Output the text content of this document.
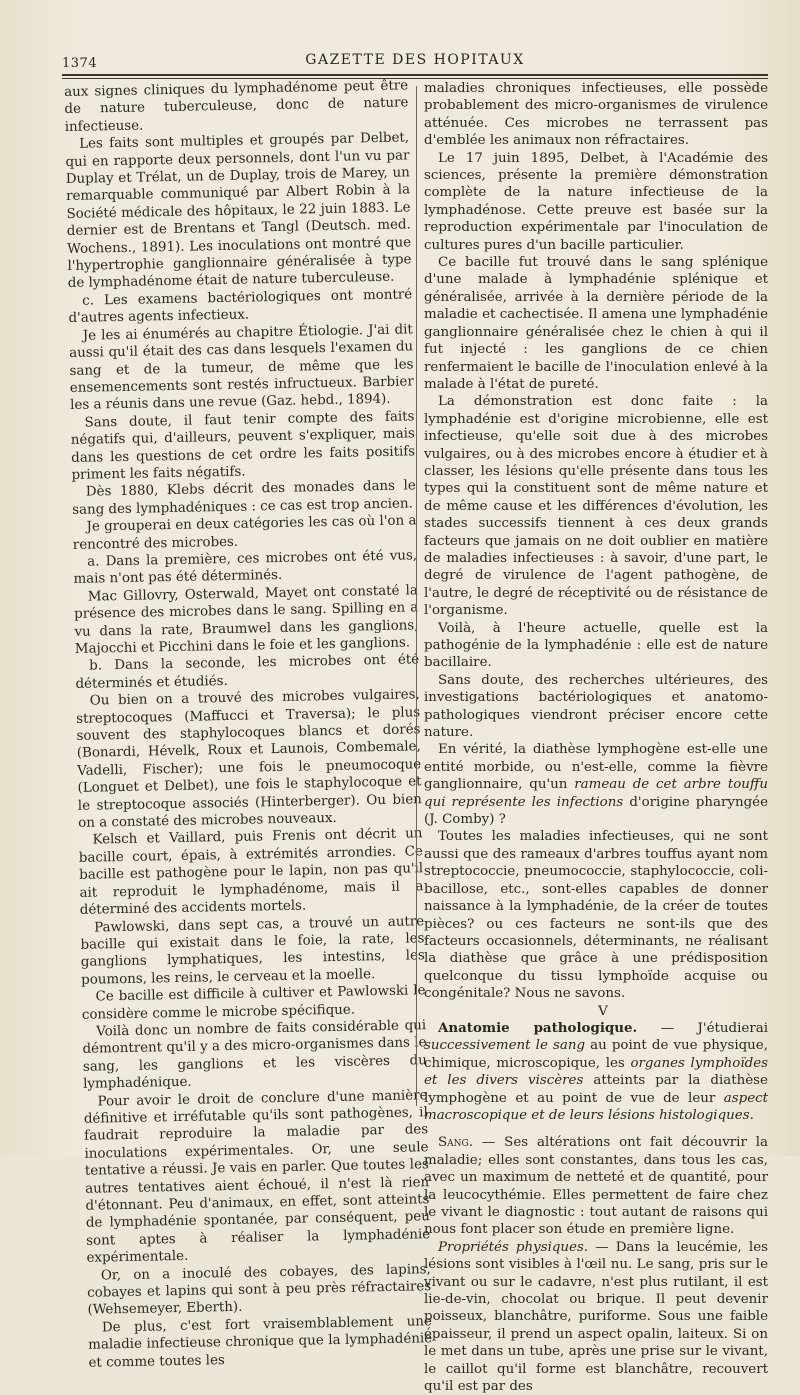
1374	GAZETTE DES HOPITAUX

aux signes cliniques du lymphadénome peut être de nature tuberculeuse, donc de nature infectieuse.

Les faits sont multiples et groupés par Delbet, qui en rapporte deux personnels, dont l'un vu par Duplay et Trélat, un de Duplay, trois de Marey, un remarquable communiqué par Albert Robin à la Société médicale des hôpitaux, le 22 juin 1883. Le dernier est de Brentans et Tangl (Deutsch. med. Wochens., 1891). Les inoculations ont montré que l'hypertrophie ganglionnaire généralisée à type de lymphadénome était de nature tuberculeuse.

c. Les examens bactériologiques ont montré d'autres agents infectieux.

Je les ai énumérés au chapitre Étiologie. J'ai dit aussi qu'il était des cas dans lesquels l'examen du sang et de la tumeur, de même que les ensemencements sont restés infructueux. Barbier les a réunis dans une revue (Gaz. hebd., 1894).

Sans doute, il faut tenir compte des faits négatifs qui, d'ailleurs, peuvent s'expliquer, mais dans les questions de cet ordre les faits positifs priment les faits négatifs.

Dès 1880, Klebs décrit des monades dans le sang des lymphadéniques : ce cas est trop ancien.

Je grouperai en deux catégories les cas où l'on a rencontré des microbes.

a. Dans la première, ces microbes ont été vus, mais n'ont pas été déterminés.

Mac Gillovry, Osterwald, Mayet ont constaté la présence des microbes dans le sang. Spilling en a vu dans la rate, Braumwel dans les ganglions, Majocchi et Picchini dans le foie et les ganglions.

b. Dans la seconde, les microbes ont été déterminés et étudiés.

Ou bien on a trouvé des microbes vulgaires, streptocoques (Maffucci et Traversa); le plus souvent des staphylocoques blancs et dorés (Bonardi, Hévelk, Roux et Launois, Combemale, Vadelli, Fischer); une fois le pneumocoque (Longuet et Delbet), une fois le staphylocoque et le streptocoque associés (Hinterberger). Ou bien on a constaté des microbes nouveaux.

Kelsch et Vaillard, puis Frenis ont décrit un bacille court, épais, à extrémités arrondies. Ce bacille est pathogène pour le lapin, non pas qu'il ait reproduit le lymphadénome, mais il a déterminé des accidents mortels.

Pawlowski, dans sept cas, a trouvé un autre bacille qui existait dans le foie, la rate, les ganglions lymphatiques, les intestins, les poumons, les reins, le cerveau et la moelle.

Ce bacille est difficile à cultiver et Pawlowski le considère comme le microbe spécifique.

Voilà donc un nombre de faits considérable qui démontrent qu'il y a des micro-organismes dans le sang, les ganglions et les viscères du lymphadénique.

Pour avoir le droit de conclure d'une manière définitive et irréfutable qu'ils sont pathogènes, il faudrait reproduire la maladie par des inoculations expérimentales. Or, une seule tentative a réussi. Je vais en parler. Que toutes les autres tentatives aient échoué, il n'est là rien d'étonnant. Peu d'animaux, en effet, sont atteints de lymphadénie spontanée, par conséquent, peu sont aptes à réaliser la lymphadénie expérimentale.

Or, on a inoculé des cobayes, des lapins, cobayes et lapins qui sont à peu près réfractaires (Wehsemeyer, Eberth).

De plus, c'est fort vraisemblablement une maladie infectieuse chronique que la lymphadénie et comme toutes les

maladies chroniques infectieuses, elle possède probablement des micro-organismes de virulence atténuée. Ces microbes ne terrassent pas d'emblée les animaux non réfractaires.

Le 17 juin 1895, Delbet, à l'Académie des sciences, présente la première démonstration complète de la nature infectieuse de la lymphadénose. Cette preuve est basée sur la reproduction expérimentale par l'inoculation de cultures pures d'un bacille particulier.

Ce bacille fut trouvé dans le sang splénique d'une malade à lymphadénie splénique et généralisée, arrivée à la dernière période de la maladie et cachectisée. Il amena une lymphadénie ganglionnaire généralisée chez le chien à qui il fut injecté : les ganglions de ce chien renfermaient le bacille de l'inoculation enlevé à la malade à l'état de pureté.

La démonstration est donc faite : la lymphadénie est d'origine microbienne, elle est infectieuse, qu'elle soit due à des microbes vulgaires, ou à des microbes encore à étudier et à classer, les lésions qu'elle présente dans tous les types qui la constituent sont de même nature et de même cause et les différences d'évolution, les stades successifs tiennent à ces deux grands facteurs que jamais on ne doit oublier en matière de maladies infectieuses : à savoir, d'une part, le degré de virulence de l'agent pathogène, de l'autre, le degré de réceptivité ou de résistance de l'organisme.

Voilà, à l'heure actuelle, quelle est la pathogénie de la lymphadénie : elle est de nature bacillaire.

Sans doute, des recherches ultérieures, des investigations bactériologiques et anatomo-pathologiques viendront préciser encore cette nature.

En vérité, la diathèse lymphogène est-elle une entité morbide, ou n'est-elle, comme la fièvre ganglionnaire, qu'un rameau de cet arbre touffu qui représente les infections d'origine pharyngée (J. Comby) ?

Toutes les maladies infectieuses, qui ne sont aussi que des rameaux d'arbres touffus ayant nom streptococcie, pneumococcie, staphylococcie, coli-bacillose, etc., sont-elles capables de donner naissance à la lymphadénie, de la créer de toutes pièces? ou ces facteurs ne sont-ils que des facteurs occasionnels, déterminants, ne réalisant la diathèse que grâce à une prédisposition quelconque du tissu lymphoïde acquise ou congénitale? Nous ne savons.

V

Anatomie pathologique. — J'étudierai successivement le sang au point de vue physique, chimique, microscopique, les organes lymphoïdes et les divers viscères atteints par la diathèse lymphogène et au point de vue de leur aspect macroscopique et de leurs lésions histologiques.

Sang. — Ses altérations ont fait découvrir la maladie; elles sont constantes, dans tous les cas, avec un maximum de netteté et de quantité, pour la leucocythémie. Elles permettent de faire chez le vivant le diagnostic : tout autant de raisons qui nous font placer son étude en première ligne.

Propriétés physiques. — Dans la leucémie, les lésions sont visibles à l'œil nu. Le sang, pris sur le vivant ou sur le cadavre, n'est plus rutilant, il est lie-de-vin, chocolat ou brique. Il peut devenir poisseux, blanchâtre, puriforme. Sous une faible épaisseur, il prend un aspect opalin, laiteux. Si on le met dans un tube, après une prise sur le vivant, le caillot qu'il forme est blanchâtre, recouvert qu'il est par des
